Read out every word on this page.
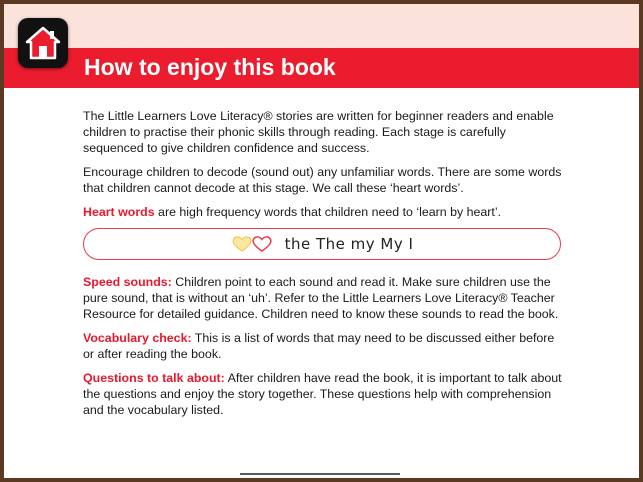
How to enjoy this book

The Little Learners Love Literacy® stories are written for beginner readers and enable children to practise their phonic skills through reading. Each stage is carefully sequenced to give children confidence and success.

Encourage children to decode (sound out) any unfamiliar words. There are some words that children cannot decode at this stage. We call these ‘heart words’.

Heart words are high frequency words that children need to ‘learn by heart’.

the The my My I

Speed sounds: Children point to each sound and read it. Make sure children use the pure sound, that is without an ‘uh’. Refer to the Little Learners Love Literacy® Teacher Resource for detailed guidance. Children need to know these sounds to read the book.

Vocabulary check: This is a list of words that may need to be discussed either before or after reading the book.

Questions to talk about: After children have read the book, it is important to talk about the questions and enjoy the story together. These questions help with comprehension and the vocabulary listed.
